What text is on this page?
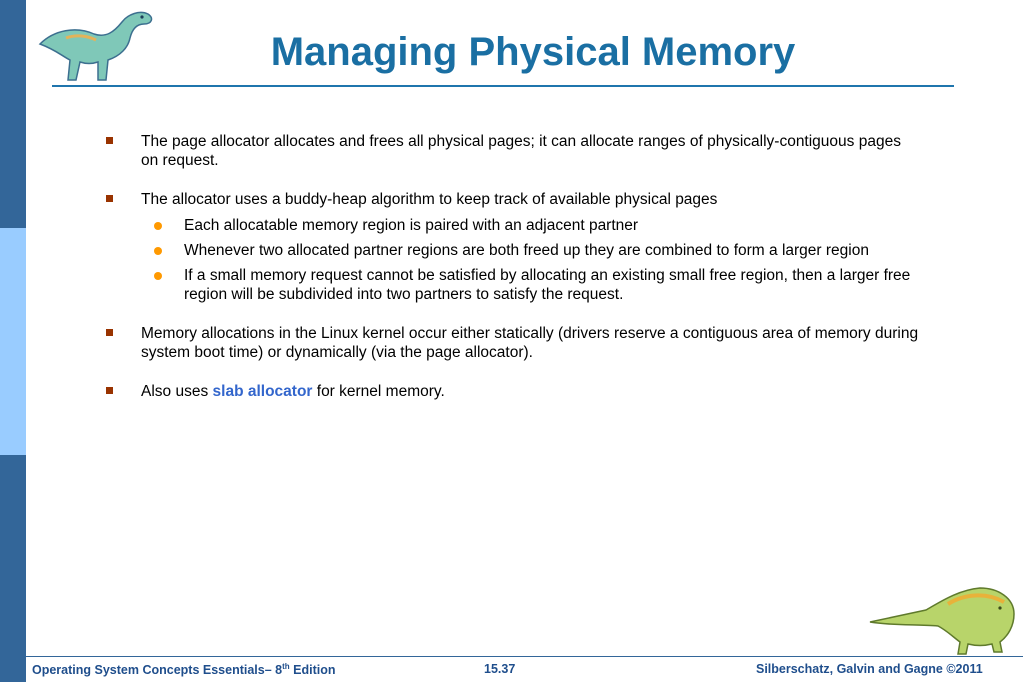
Managing Physical Memory
The page allocator allocates and frees all physical pages; it can allocate ranges of physically-contiguous pages on request.
The allocator uses a buddy-heap algorithm to keep track of available physical pages
Each allocatable memory region is paired with an adjacent partner
Whenever two allocated partner regions are both freed up they are combined to form a larger region
If a small memory request cannot be satisfied by allocating an existing small free region, then a larger free region will be subdivided into two partners to satisfy the request.
Memory allocations in the Linux kernel occur either statically (drivers reserve a contiguous area of memory during system boot time) or dynamically (via the page allocator).
Also uses slab allocator for kernel memory.
Operating System Concepts Essentials– 8th Edition	15.37	Silberschatz, Galvin and Gagne ©2011
